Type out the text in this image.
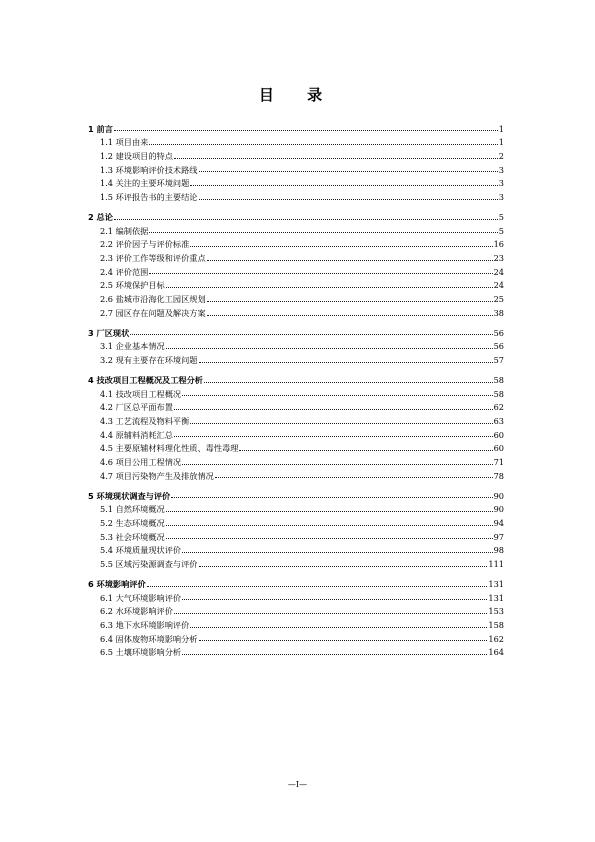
目 录
1 前言	1
1.1 项目由来	1
1.2 建设项目的特点	2
1.3 环境影响评价技术路线	3
1.4 关注的主要环境问题	3
1.5 环评报告书的主要结论	3
2 总论	5
2.1 编制依据	5
2.2 评价因子与评价标准	16
2.3 评价工作等级和评价重点	23
2.4 评价范围	24
2.5 环境保护目标	24
2.6 盐城市沿海化工园区规划	25
2.7 园区存在问题及解决方案	38
3 厂区现状	56
3.1 企业基本情况	56
3.2 现有主要存在环境问题	57
4 技改项目工程概况及工程分析	58
4.1 技改项目工程概况	58
4.2 厂区总平面布置	62
4.3 工艺流程及物料平衡	63
4.4 原辅料消耗汇总	60
4.5 主要原辅材料理化性质、毒性毒理	60
4.6 项目公用工程情况	71
4.7 项目污染物产生及排放情况	78
5 环境现状调查与评价	90
5.1 自然环境概况	90
5.2 生态环境概况	94
5.3 社会环境概况	97
5.4 环境质量现状评价	98
5.5 区域污染源调查与评价	111
6 环境影响评价	131
6.1 大气环境影响评价	131
6.2 水环境影响评价	153
6.3 地下水环境影响评价	158
6.4 固体废物环境影响分析	162
6.5 土壤环境影响分析	164
—I—
